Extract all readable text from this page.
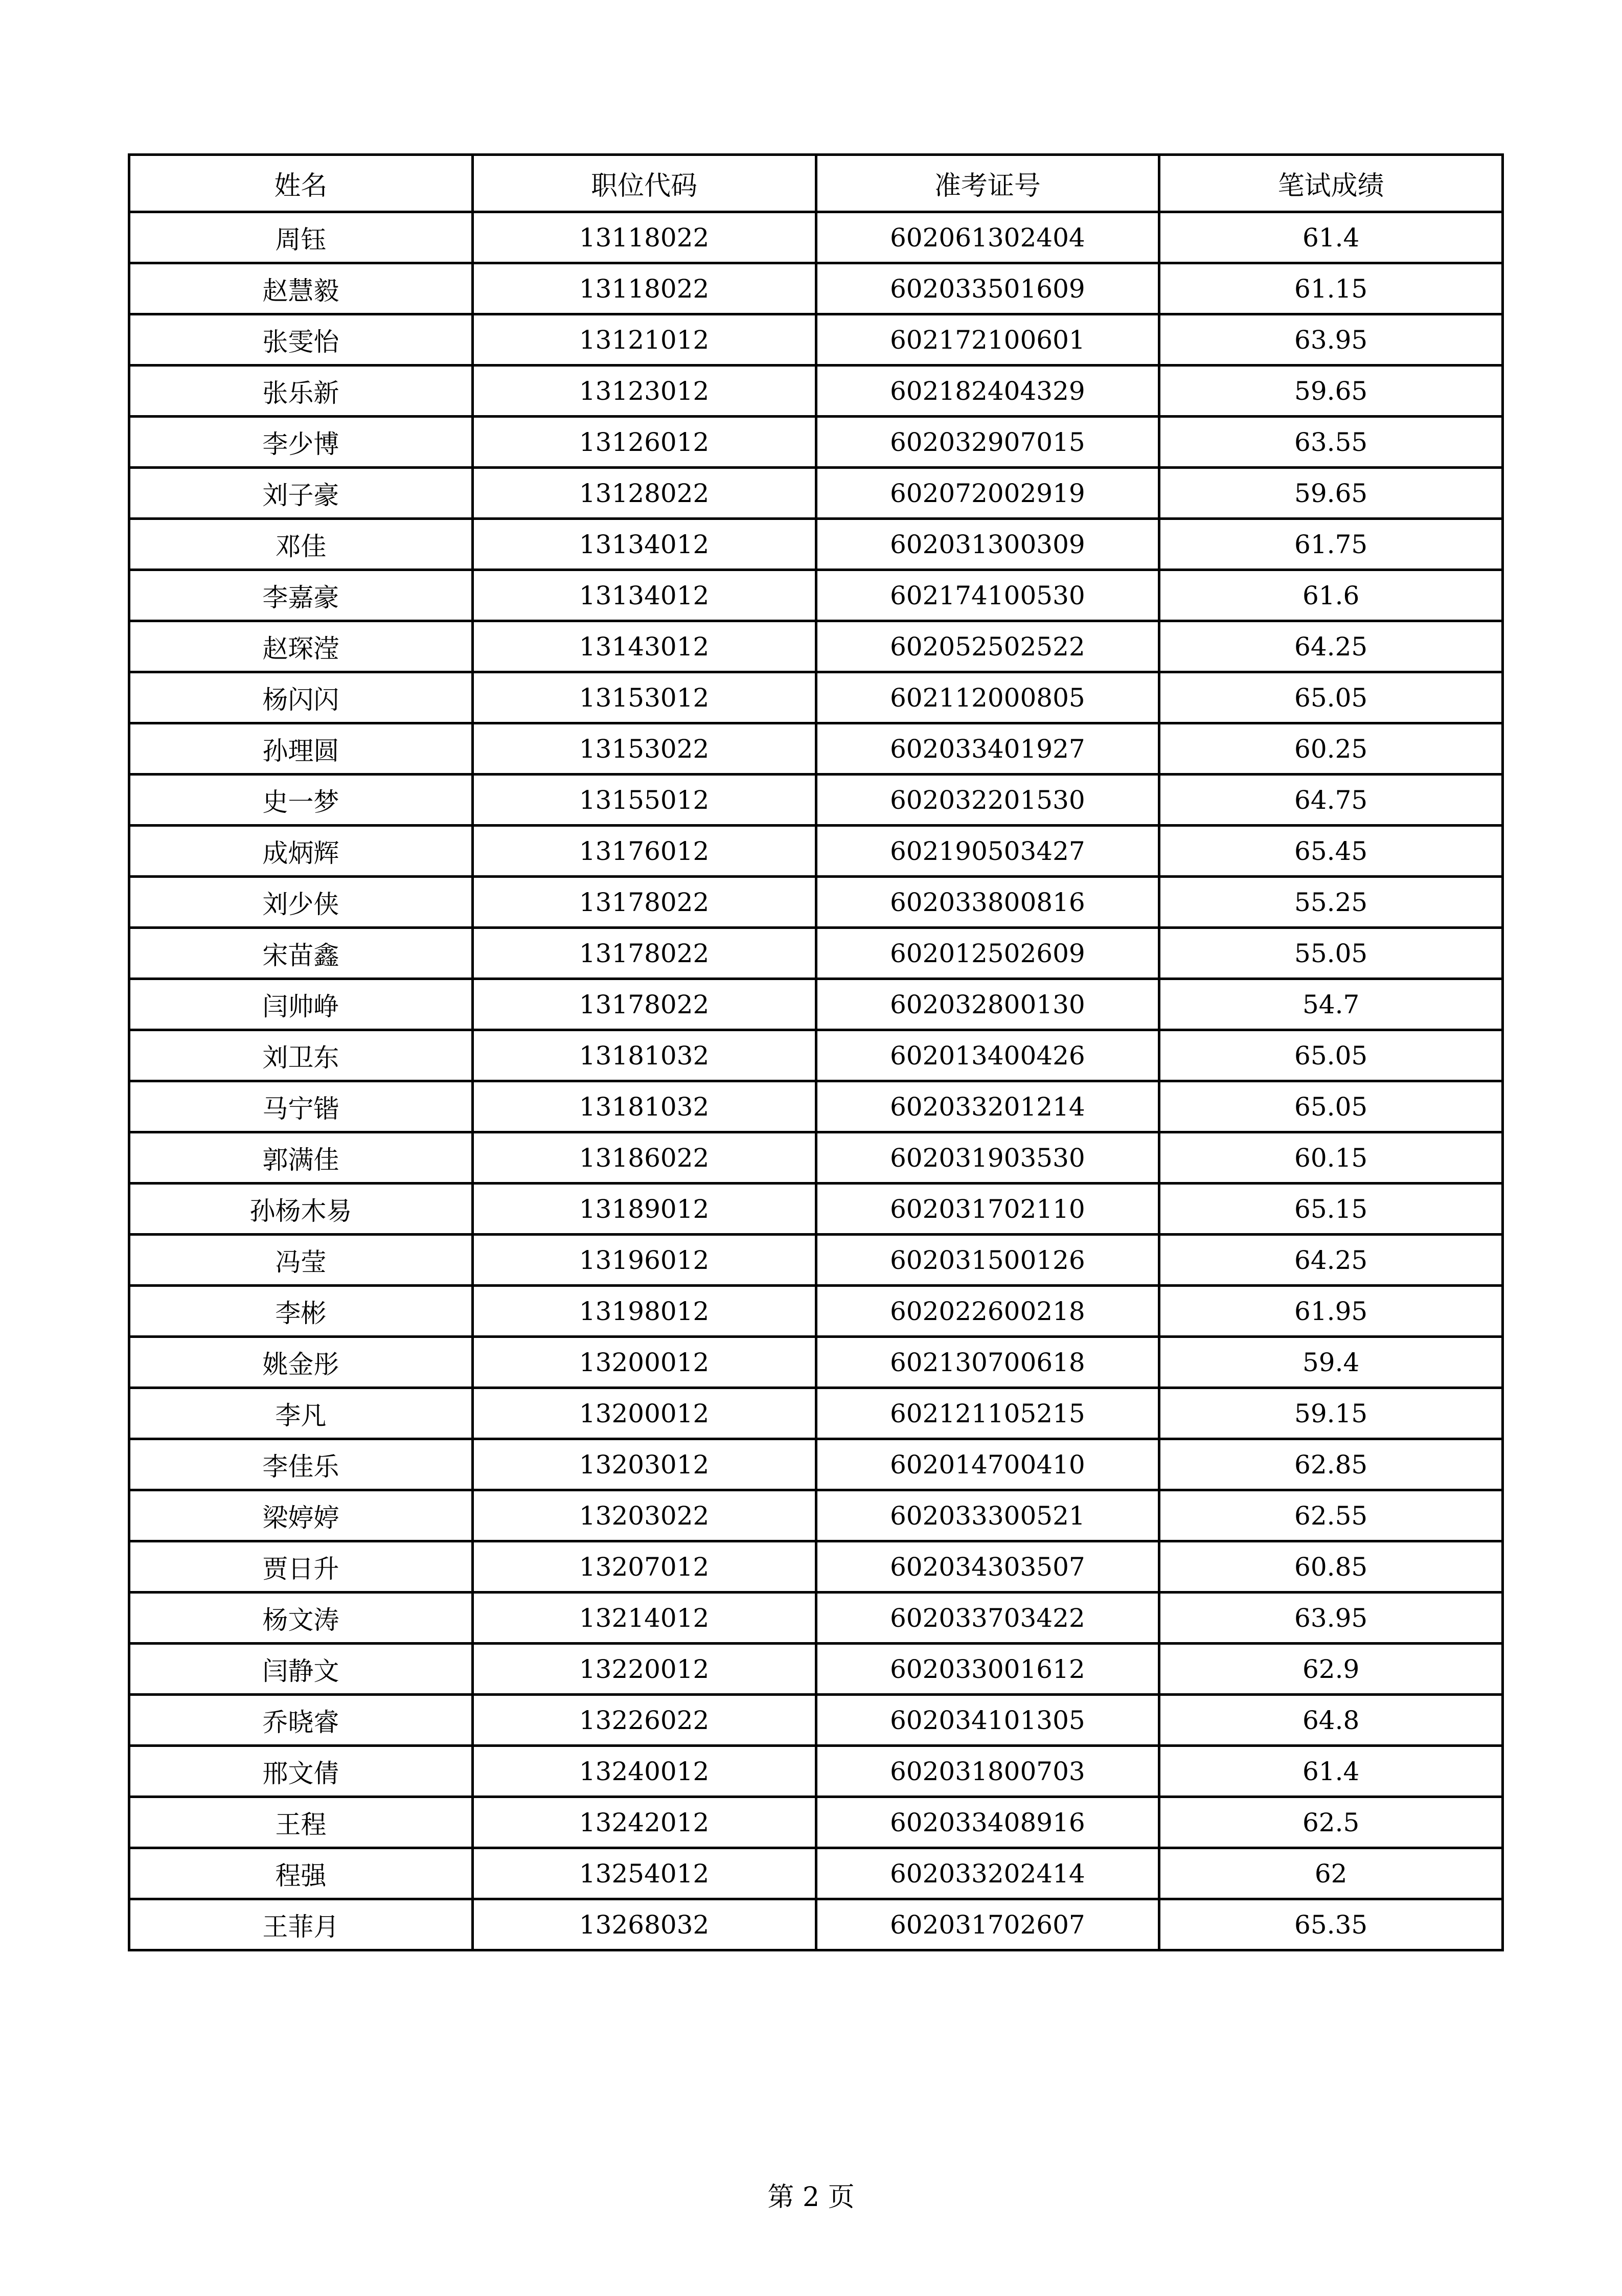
姓名	职位代码	准考证号	笔试成绩
周钰	13118022	602061302404	61.4
赵慧毅	13118022	602033501609	61.15
张雯怡	13121012	602172100601	63.95
张乐新	13123012	602182404329	59.65
李少博	13126012	602032907015	63.55
刘子豪	13128022	602072002919	59.65
邓佳	13134012	602031300309	61.75
李嘉豪	13134012	602174100530	61.6
赵琛滢	13143012	602052502522	64.25
杨闪闪	13153012	602112000805	65.05
孙理圆	13153022	602033401927	60.25
史一梦	13155012	602032201530	64.75
成炳辉	13176012	602190503427	65.45
刘少侠	13178022	602033800816	55.25
宋苗鑫	13178022	602012502609	55.05
闫帅峥	13178022	602032800130	54.7
刘卫东	13181032	602013400426	65.05
马宁锴	13181032	602033201214	65.05
郭满佳	13186022	602031903530	60.15
孙杨木易	13189012	602031702110	65.15
冯莹	13196012	602031500126	64.25
李彬	13198012	602022600218	61.95
姚金彤	13200012	602130700618	59.4
李凡	13200012	602121105215	59.15
李佳乐	13203012	602014700410	62.85
梁婷婷	13203022	602033300521	62.55
贾日升	13207012	602034303507	60.85
杨文涛	13214012	602033703422	63.95
闫静文	13220012	602033001612	62.9
乔晓睿	13226022	602034101305	64.8
邢文倩	13240012	602031800703	61.4
王程	13242012	602033408916	62.5
程强	13254012	602033202414	62
王菲月	13268032	602031702607	65.35
第 2 页
